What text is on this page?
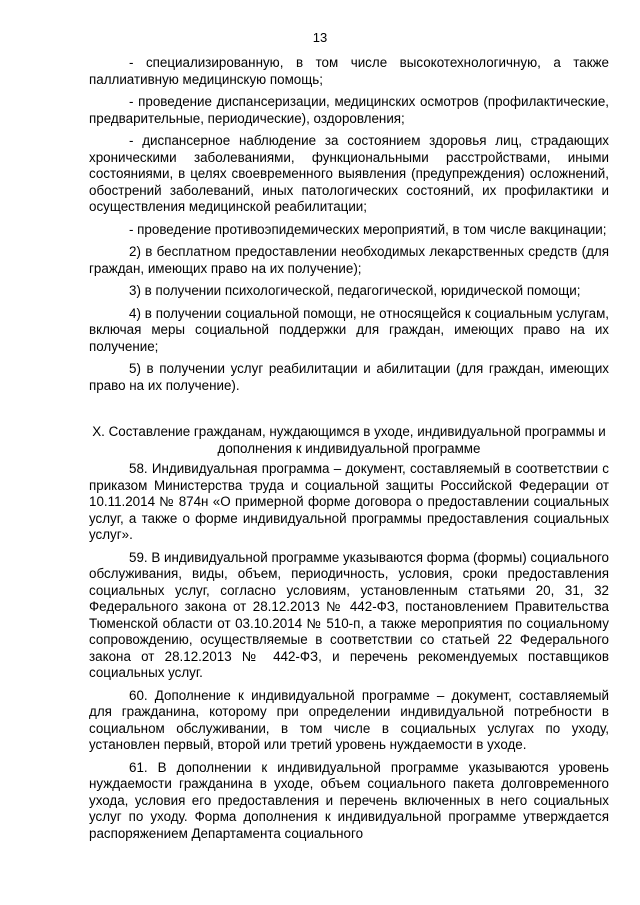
13

- специализированную, в том числе высокотехнологичную, а также паллиативную медицинскую помощь;

- проведение диспансеризации, медицинских осмотров (профилактические, предварительные, периодические), оздоровления;

- диспансерное наблюдение за состоянием здоровья лиц, страдающих хроническими заболеваниями, функциональными расстройствами, иными состояниями, в целях своевременного выявления (предупреждения) осложнений, обострений заболеваний, иных патологических состояний, их профилактики и осуществления медицинской реабилитации;

- проведение противоэпидемических мероприятий, в том числе вакцинации;

2) в бесплатном предоставлении необходимых лекарственных средств (для граждан, имеющих право на их получение);

3) в получении психологической, педагогической, юридической помощи;

4) в получении социальной помощи, не относящейся к социальным услугам, включая меры социальной поддержки для граждан, имеющих право на их получение;

5) в получении услуг реабилитации и абилитации (для граждан, имеющих право на их получение).

X. Составление гражданам, нуждающимся в уходе, индивидуальной программы и дополнения к индивидуальной программе

58. Индивидуальная программа – документ, составляемый в соответствии с приказом Министерства труда и социальной защиты Российской Федерации от 10.11.2014 № 874н «О примерной форме договора о предоставлении социальных услуг, а также о форме индивидуальной программы предоставления социальных услуг».

59. В индивидуальной программе указываются форма (формы) социального обслуживания, виды, объем, периодичность, условия, сроки предоставления социальных услуг, согласно условиям, установленным статьями 20, 31, 32 Федерального закона от 28.12.2013 № 442-ФЗ, постановлением Правительства Тюменской области от 03.10.2014 № 510-п, а также мероприятия по социальному сопровождению, осуществляемые в соответствии со статьей 22 Федерального закона от 28.12.2013 № 442-ФЗ, и перечень рекомендуемых поставщиков социальных услуг.

60. Дополнение к индивидуальной программе – документ, составляемый для гражданина, которому при определении индивидуальной потребности в социальном обслуживании, в том числе в социальных услугах по уходу, установлен первый, второй или третий уровень нуждаемости в уходе.

61. В дополнении к индивидуальной программе указываются уровень нуждаемости гражданина в уходе, объем социального пакета долговременного ухода, условия его предоставления и перечень включенных в него социальных услуг по уходу. Форма дополнения к индивидуальной программе утверждается распоряжением Департамента социального
